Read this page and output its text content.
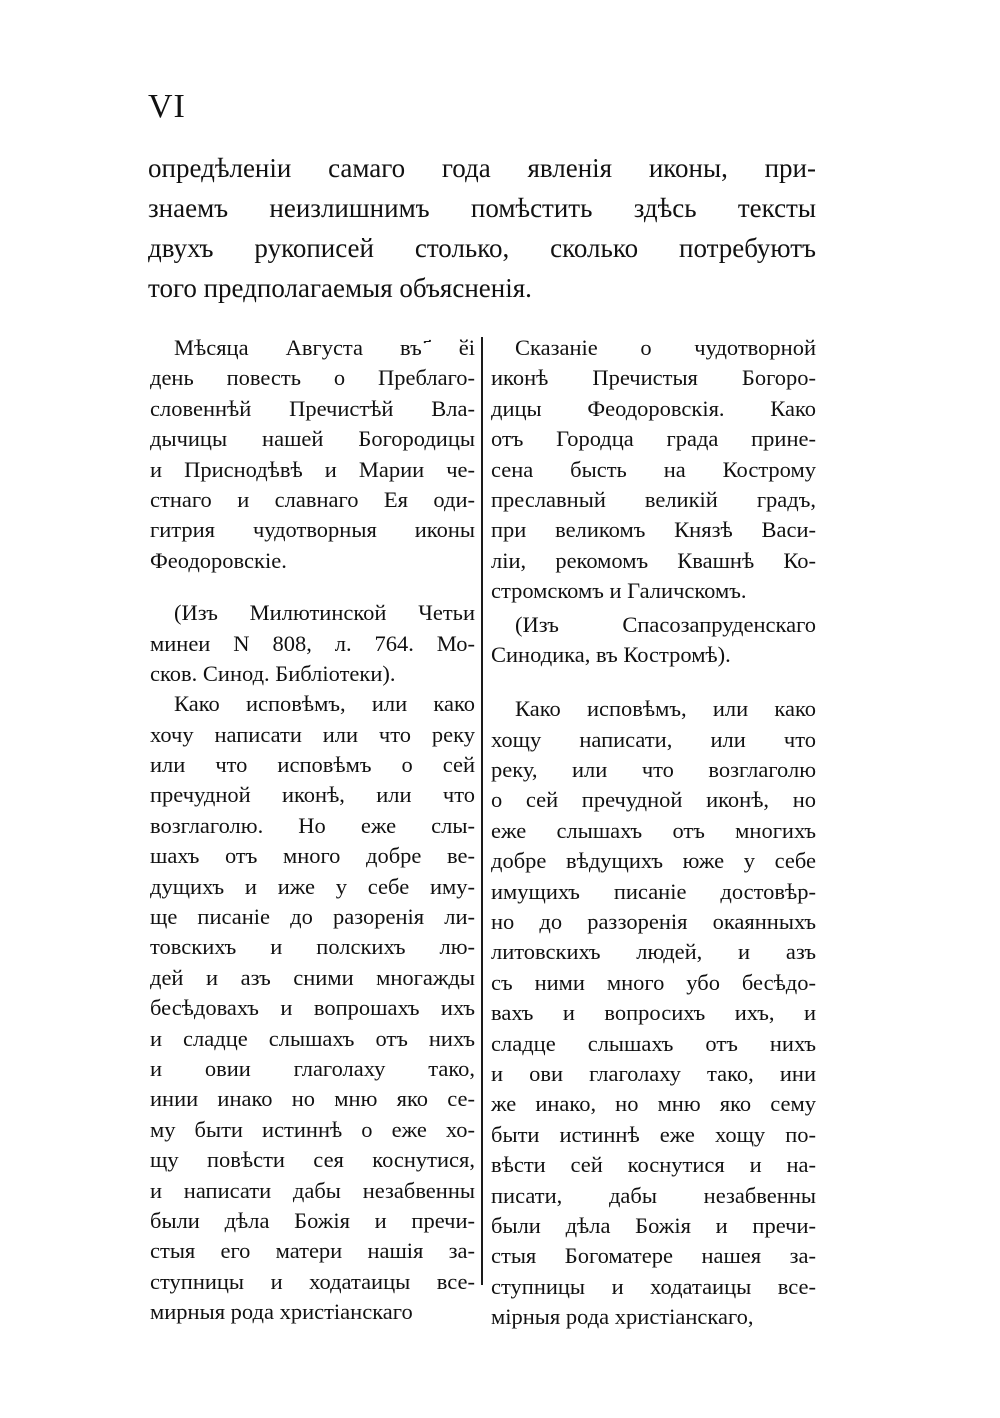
VI
опредѣленіи самаго года явленія иконы, при-
знаемъ неизлишнимъ помѣстить здѣсь тексты
двухъ рукописей столько, сколько потребуютъ
того предполагаемыя объясненія.
Мѣсяца Августа въ ҃ӗі
день повесть о Преблаго-
словеннѣй Пречистѣй Вла-
дычицы нашей Богородицы
и Приснодѣвѣ и Марии че-
стнаго и славнаго Ея оди-
гитрия чудотворныя иконы
Феодоровскіе.
(Изъ Милютинской Четьи
минеи N 808, л. 764. Мо-
сков. Синод. Библіотеки).
Како исповѣмъ, или како
хочу написати или что реку
или что исповѣмъ о сей
пречудной иконѣ, или что
возглаголю. Но еже слы-
шахъ отъ много добре ве-
дущихъ и иже у себе иму-
ще писаніе до разоренія ли-
товскихъ и полскихъ лю-
дей и азъ сними многажды
бесѣдовахъ и вопрошахъ ихъ
и сладце слышахъ отъ нихъ
и овии глаголаху тако,
инии инако но мню яко се-
му быти истиннѣ о еже хо-
щу повѣсти сея коснутися,
и написати дабы незабвенны
были дѣла Божія и пречи-
стыя его матери нашія за-
ступницы и ходатаицы все-
мирныя рода христіанскаго
Сказаніе о чудотворной
иконѣ Пречистыя Богоро-
дицы Феодоровскія. Како
отъ Городца града принe-
сена бысть на Кострому
преславный великій градъ,
при великомъ Князѣ Васи-
ліи, рекомомъ Квашнѣ Ко-
стромскомъ и Галичскомъ.
(Изъ Спасозапруденскаго
Синодика, въ Костромѣ).
Како исповѣмъ, или како
хощу написати, или что
реку, или что возглаголю
о сей пречудной иконѣ, но
еже слышахъ отъ многихъ
добре вѣдущихъ юже у себе
имущихъ писаніе достовѣр-
но до раззоренія окаянныхъ
литовскихъ людей, и азъ
съ ними много убо бесѣдо-
вахъ и вопросихъ ихъ, и
сладце слышахъ отъ нихъ
и ови глаголаху тако, ини
же инако, но мню яко сему
быти истиннѣ еже хощу по-
вѣсти сей коснутися и на-
писати, дабы незабвенны
были дѣла Божія и пречи-
стыя Богоматере нашея за-
ступницы и ходатаицы все-
мірныя рода христіанскаго,
